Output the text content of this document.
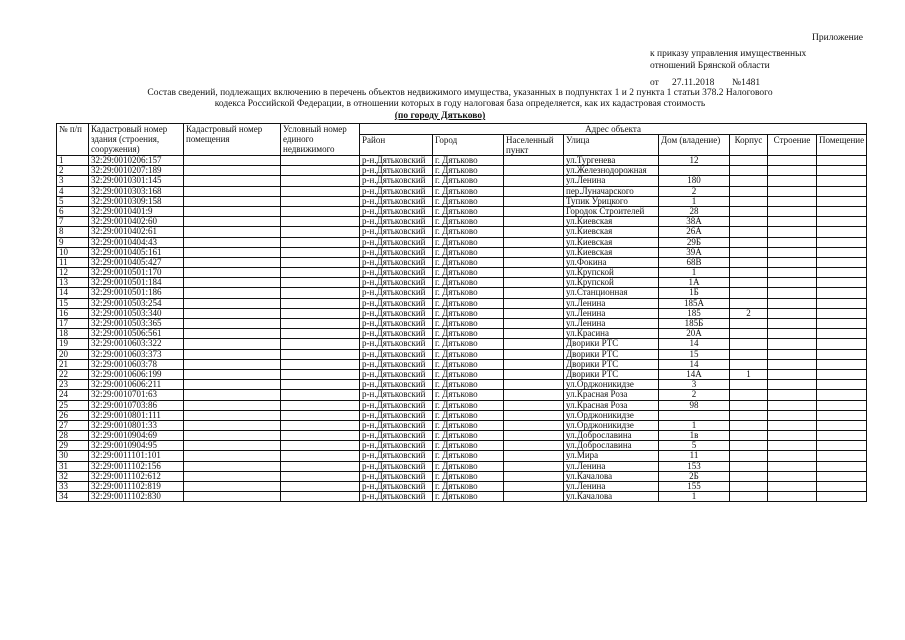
Приложение
к приказу управления имущественных
отношений Брянской области
от 27.11.2018 №1481
Состав сведений, подлежащих включению в перечень объектов недвижимого имущества, указанных в подпунктах 1 и 2 пункта 1 статьи 378.2 Налогового
кодекса Российской Федерации, в отношении которых в году налоговая база определяется, как их кадастровая стоимость
(по городу Дятьково)
№ п/п	Кадастровый номер здания (строения, сооружения)	Кадастровый номер помещения	Условный номер единого недвижимого	Адрес объекта							
				Район	Город	Населенный пункт	Улица	Дом (владение)	Корпус	Строение	Помещение
1	32:29:0010206:157			р-н.Дятьковский	г. Дятьково		ул.Тургенева	12			
2	32:29:0010207:189			р-н.Дятьковский	г. Дятьково		ул.Железнодорожная				
3	32:29:0010301:145			р-н.Дятьковский	г. Дятьково		ул.Ленина	180			
4	32:29:0010303:168			р-н.Дятьковский	г. Дятьково		пер.Луначарского	2			
5	32:29:0010309:158			р-н.Дятьковский	г. Дятьково		Тупик Урицкого	1			
6	32:29:0010401:9			р-н.Дятьковский	г. Дятьково		Городок Строителей	28			
7	32:29:0010402:60			р-н.Дятьковский	г. Дятьково		ул.Киевская	38А			
8	32:29:0010402:61			р-н.Дятьковский	г. Дятьково		ул.Киевская	26А			
9	32:29:0010404:43			р-н.Дятьковский	г. Дятьково		ул.Киевская	29Б			
10	32:29:0010405:161			р-н.Дятьковский	г. Дятьково		ул.Киевская	39А			
11	32:29:0010405:427			р-н.Дятьковский	г. Дятьково		ул.Фокина	68В			
12	32:29:0010501:170			р-н.Дятьковский	г. Дятьково		ул.Крупской	1			
13	32:29:0010501:184			р-н.Дятьковский	г. Дятьково		ул.Крупской	1А			
14	32:29:0010501:186			р-н.Дятьковский	г. Дятьково		ул.Станционная	1Б			
15	32:29:0010503:254			р-н.Дятьковский	г. Дятьково		ул.Ленина	185А			
16	32:29:0010503:340			р-н.Дятьковский	г. Дятьково		ул.Ленина	185	2		
17	32:29:0010503:365			р-н.Дятьковский	г. Дятьково		ул.Ленина	185Б			
18	32:29:0010506:561			р-н.Дятьковский	г. Дятьково		ул.Красина	20А			
19	32:29:0010603:322			р-н.Дятьковский	г. Дятьково		Дворики РТС	14			
20	32:29:0010603:373			р-н.Дятьковский	г. Дятьково		Дворики РТС	15			
21	32:29:0010603:78			р-н.Дятьковский	г. Дятьково		Дворики РТС	14			
22	32:29:0010606:199			р-н.Дятьковский	г. Дятьково		Дворики РТС	14А	1		
23	32:29:0010606:211			р-н.Дятьковский	г. Дятьково		ул.Орджоникидзе	3			
24	32:29:0010701:63			р-н.Дятьковский	г. Дятьково		ул.Красная Роза	2			
25	32:29:0010703:86			р-н.Дятьковский	г. Дятьково		ул.Красная Роза	98			
26	32:29:0010801:111			р-н.Дятьковский	г. Дятьково		ул.Орджоникидзе				
27	32:29:0010801:33			р-н.Дятьковский	г. Дятьково		ул.Орджоникидзе	1			
28	32:29:0010904:69			р-н.Дятьковский	г. Дятьково		ул.Доброславина	1в			
29	32:29:0010904:95			р-н.Дятьковский	г. Дятьково		ул.Доброславина	5			
30	32:29:0011101:101			р-н.Дятьковский	г. Дятьково		ул.Мира	11			
31	32:29:0011102:156			р-н.Дятьковский	г. Дятьково		ул.Ленина	153			
32	32:29:0011102:612			р-н.Дятьковский	г. Дятьково		ул.Качалова	2Б			
33	32:29:0011102:819			р-н.Дятьковский	г. Дятьково		ул.Ленина	155			
34	32:29:0011102:830			р-н.Дятьковский	г. Дятьково		ул.Качалова	1			
